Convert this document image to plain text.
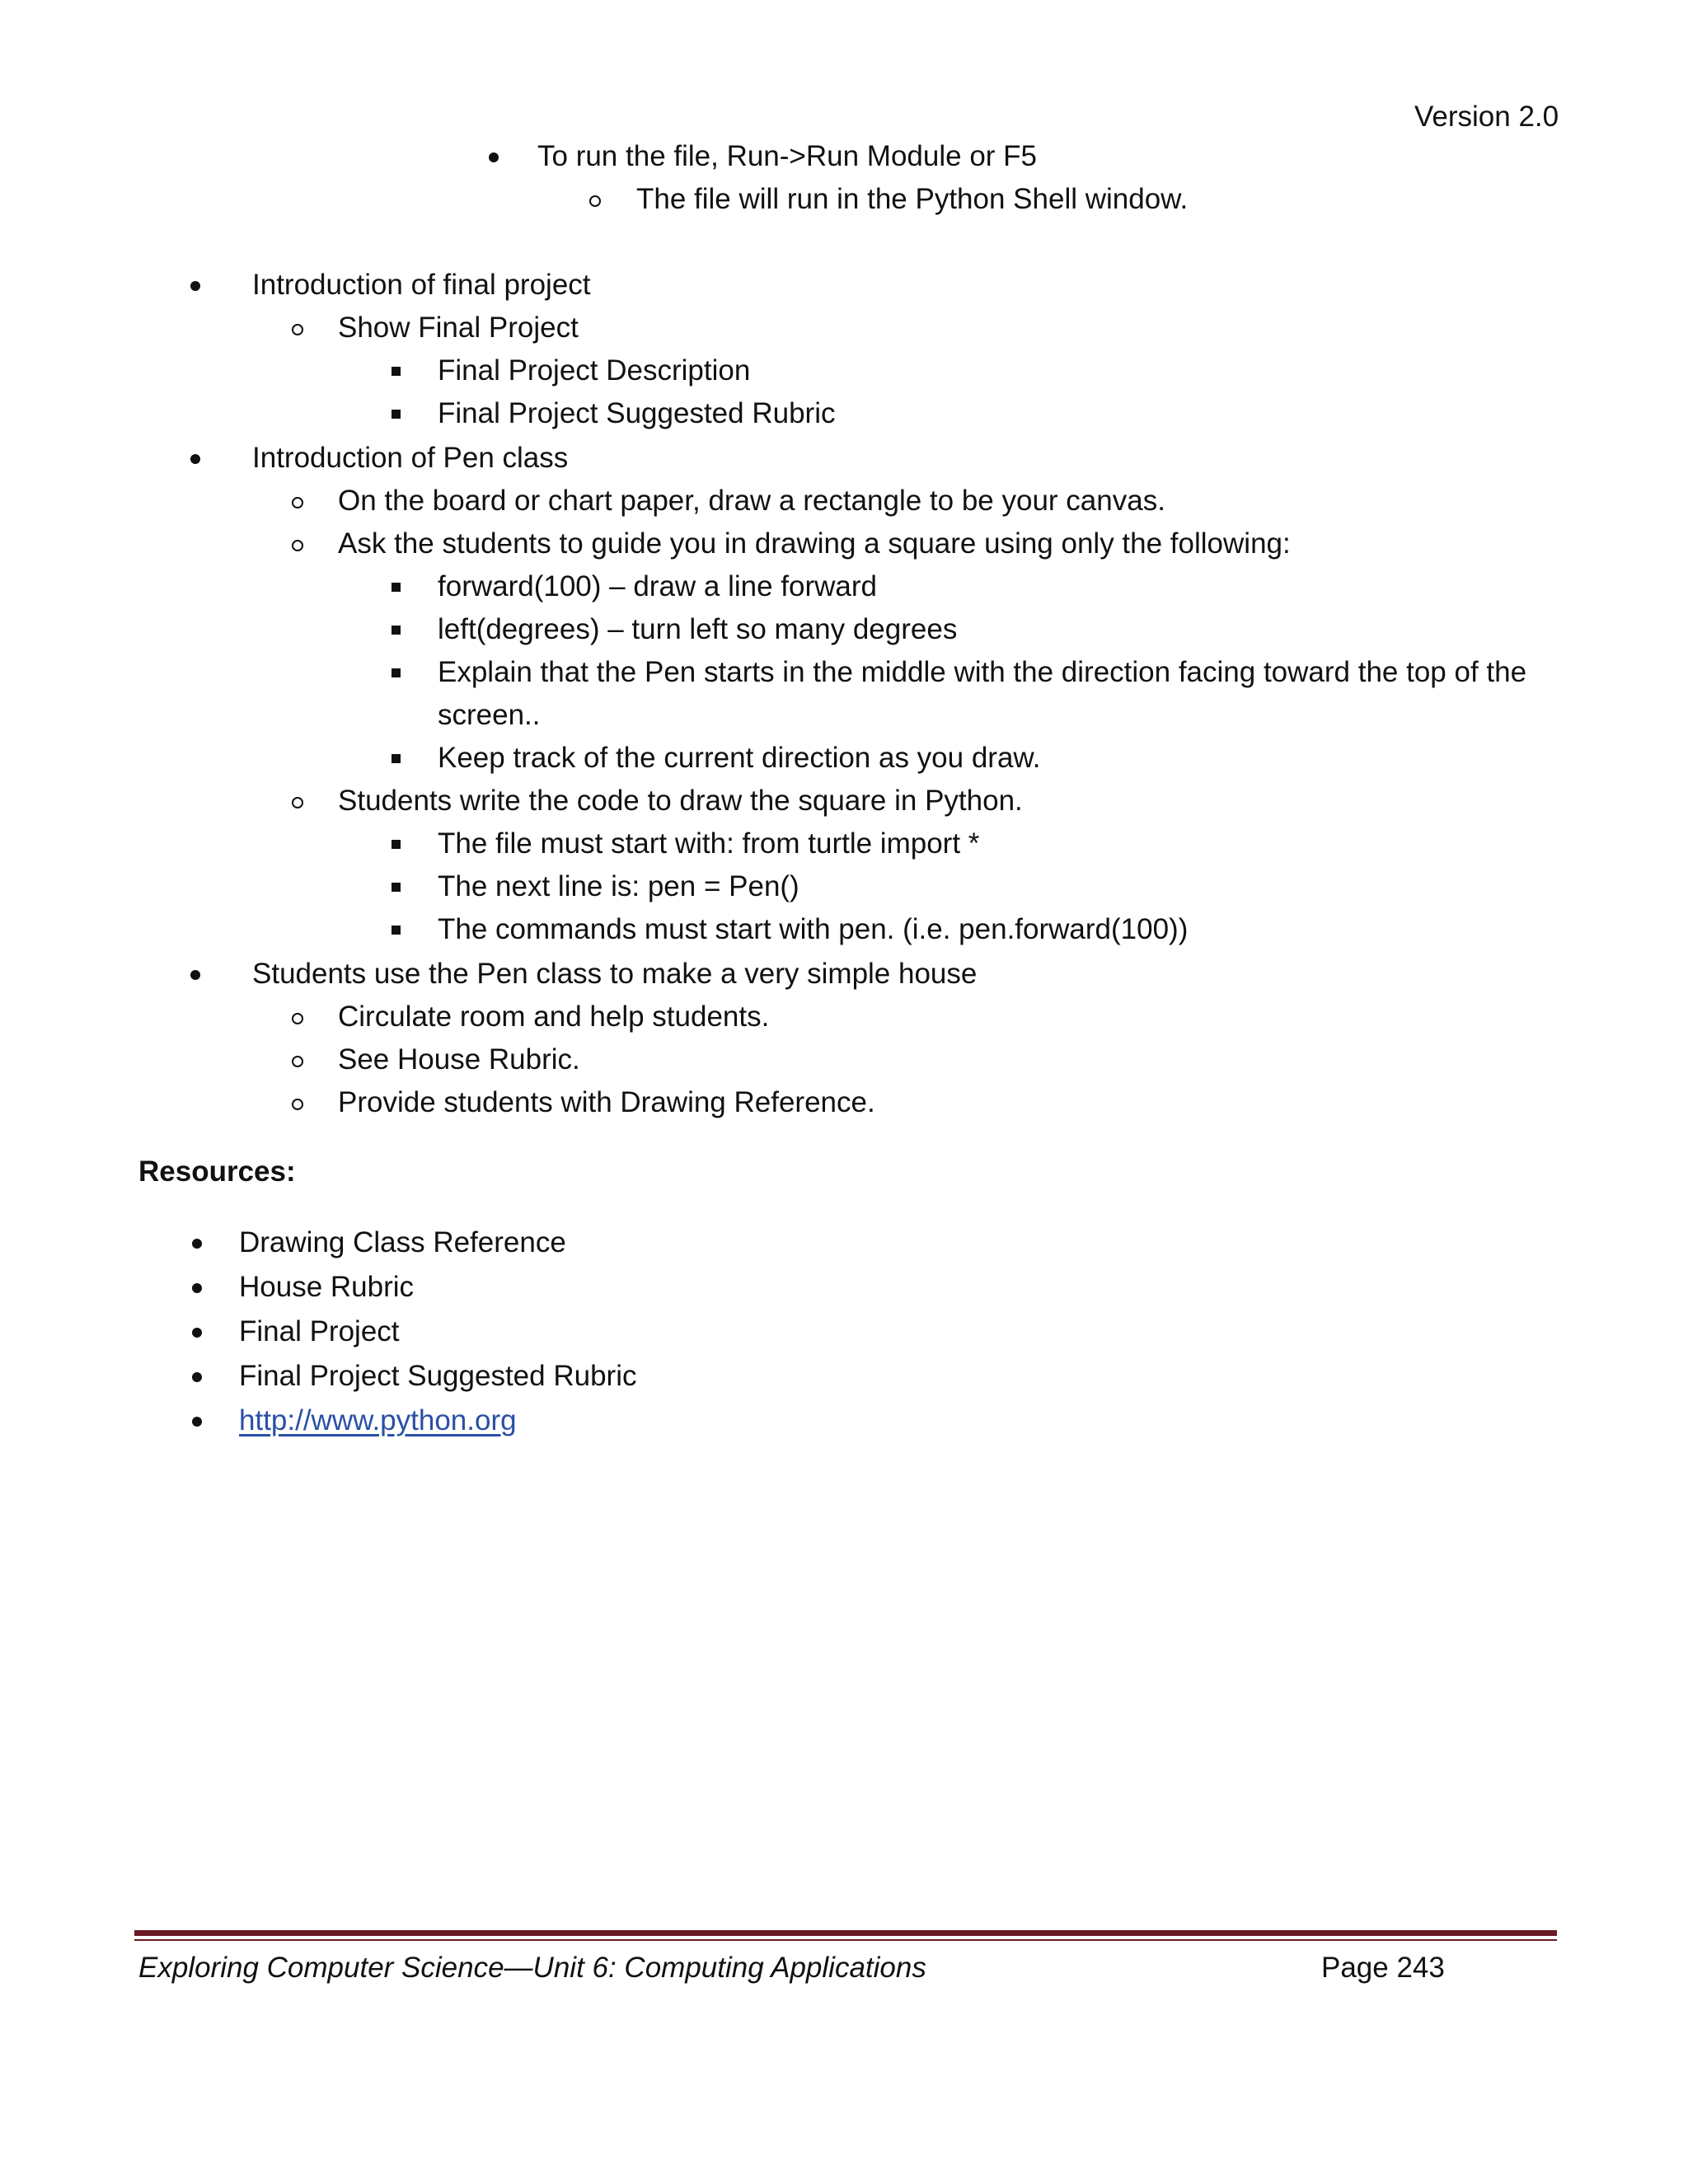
Version 2.0
To run the file, Run->Run Module or F5
The file will run in the Python Shell window.
Introduction of final project
Show Final Project
Final Project Description
Final Project Suggested Rubric
Introduction of Pen class
On the board or chart paper, draw a rectangle to be your canvas.
Ask the students to guide you in drawing a square using only the following:
forward(100) – draw a line forward
left(degrees) – turn left so many degrees
Explain that the Pen starts in the middle with the direction facing toward the top of the
screen..
Keep track of the current direction as you draw.
Students write the code to draw the square in Python.
The file must start with: from turtle import *
The next line is: pen = Pen()
The commands must start with pen. (i.e. pen.forward(100))
Students use the Pen class to make a very simple house
Circulate room and help students.
See House Rubric.
Provide students with Drawing Reference.
Resources:
Drawing Class Reference
House Rubric
Final Project
Final Project Suggested Rubric
http://www.python.org
Exploring Computer Science—Unit 6: Computing Applications	Page 243
